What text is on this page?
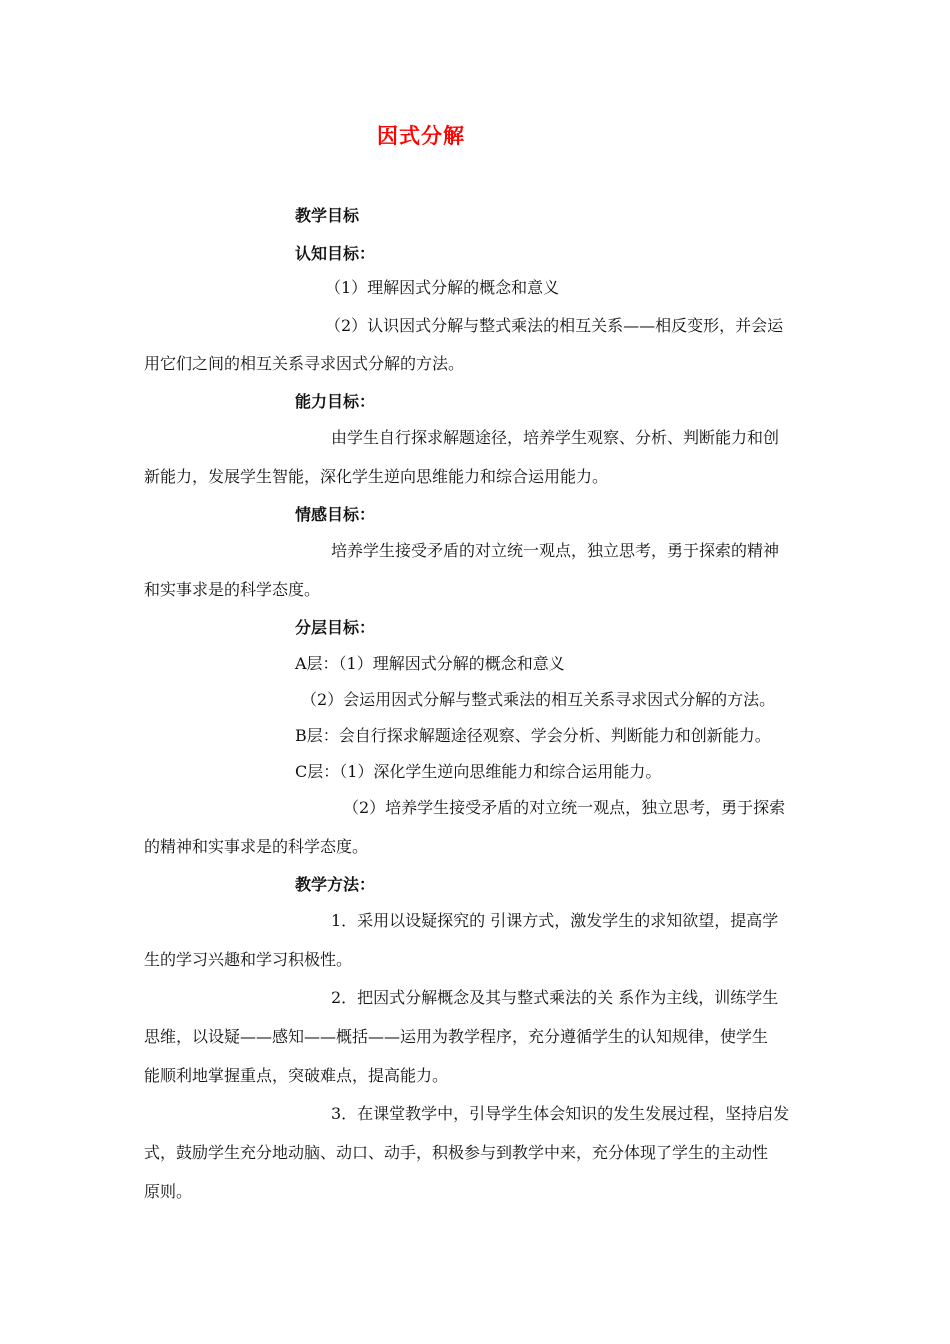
因式分解
教学目标
认知目标：
（1）理解因式分解的概念和意义
（2）认识因式分解与整式乘法的相互关系——相反变形，并会运
用它们之间的相互关系寻求因式分解的方法。
能力目标：
由学生自行探求解题途径，培养学生观察、分析、判断能力和创
新能力，发展学生智能，深化学生逆向思维能力和综合运用能力。
情感目标：
培养学生接受矛盾的对立统一观点，独立思考，勇于探索的精神
和实事求是的科学态度。
分层目标：
A层：（1）理解因式分解的概念和意义
（2）会运用因式分解与整式乘法的相互关系寻求因式分解的方法。
B层：会自行探求解题途径观察、学会分析、判断能力和创新能力。
C层：（1）深化学生逆向思维能力和综合运用能力。
（2）培养学生接受矛盾的对立统一观点，独立思考，勇于探索
的精神和实事求是的科学态度。
教学方法：
1．采用以设疑探究的 引课方式，激发学生的求知欲望，提高学
生的学习兴趣和学习积极性。
2．把因式分解概念及其与整式乘法的关 系作为主线，训练学生
思维，以设疑——感知——概括——运用为教学程序，充分遵循学生的认知规律，使学生
能顺利地掌握重点，突破难点，提高能力。
3．在课堂教学中，引导学生体会知识的发生发展过程，坚持启发
式，鼓励学生充分地动脑、动口、动手，积极参与到教学中来，充分体现了学生的主动性
原则。
